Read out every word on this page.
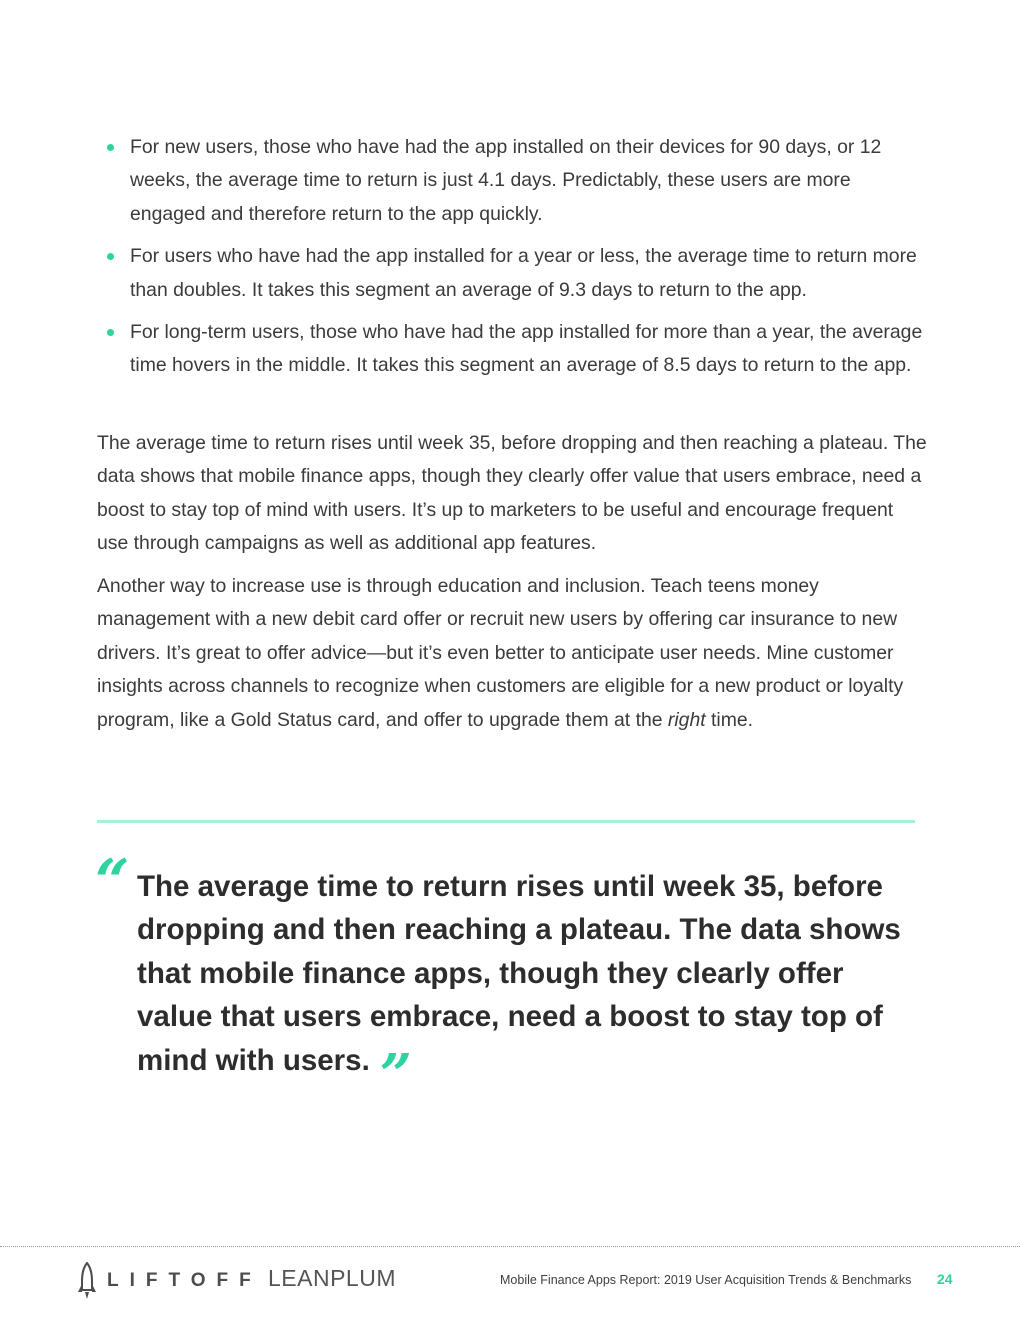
For new users, those who have had the app installed on their devices for 90 days, or 12 weeks, the average time to return is just 4.1 days. Predictably, these users are more engaged and therefore return to the app quickly.
For users who have had the app installed for a year or less, the average time to return more than doubles. It takes this segment an average of 9.3 days to return to the app.
For long-term users, those who have had the app installed for more than a year, the average time hovers in the middle. It takes this segment an average of 8.5 days to return to the app.

The average time to return rises until week 35, before dropping and then reaching a plateau. The data shows that mobile finance apps, though they clearly offer value that users embrace, need a boost to stay top of mind with users. It’s up to marketers to be useful and encourage frequent use through campaigns as well as additional app features.

Another way to increase use is through education and inclusion. Teach teens money management with a new debit card offer or recruit new users by offering car insurance to new drivers. It’s great to offer advice—but it’s even better to anticipate user needs. Mine customer insights across channels to recognize when customers are eligible for a new product or loyalty program, like a Gold Status card, and offer to upgrade them at the right time.

“ The average time to return rises until week 35, before dropping and then reaching a plateau. The data shows that mobile finance apps, though they clearly offer value that users embrace, need a boost to stay top of mind with users. ”

LIFTOFF LEANPLUM	Mobile Finance Apps Report: 2019 User Acquisition Trends & Benchmarks 24
